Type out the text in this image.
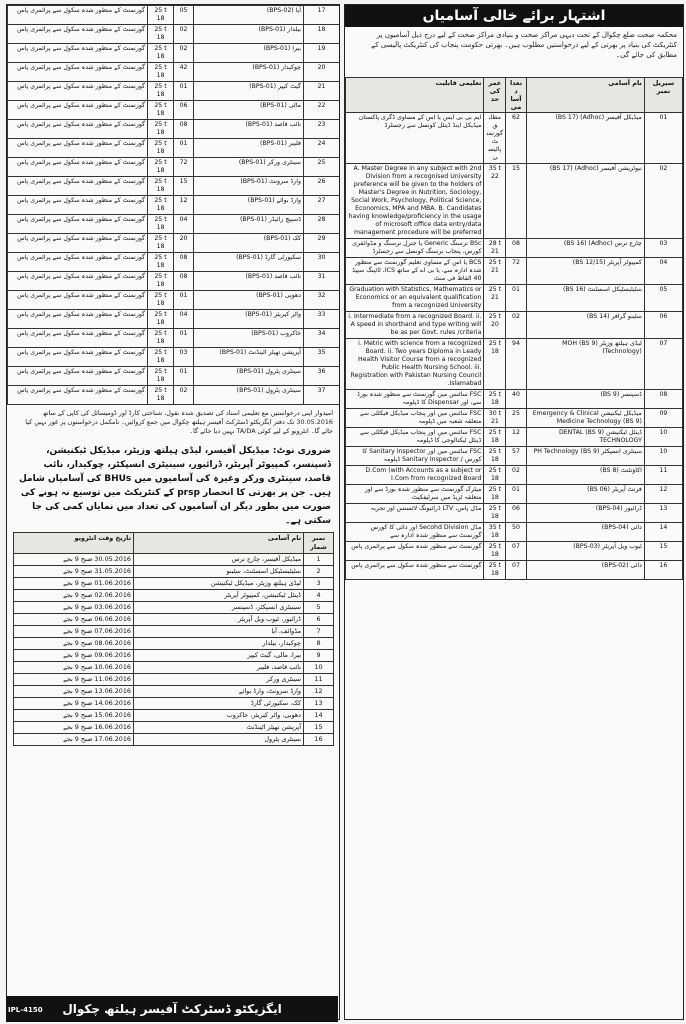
اشتہار برائے خالی آسامیاں
محکمہ صحت ضلع چکوال کے تحت دیہی مراکز صحت و بنیادی مراکز صحت کے لیے درج ذیل آسامیوں پر کنٹریکٹ کی بنیاد پر بھرتی کے لیے درخواستیں مطلوب ہیں۔ بھرتی حکومت پنجاب کی کنٹریکٹ پالیسی کے مطابق کی جائے گی۔
تعلیمی قابلیت	عمر کی حد	تعداد آسامی	نام آسامی	سیریل نمبر
ایم بی بی ایس یا اس کے مساوی ڈگری پاکستان میڈیکل اینڈ ڈینٹل کونسل سے رجسٹرڈ	مطابق گورنمنٹ پالیسی	62	میڈیکل آفیسر (Adhoc) (BS 17)	01
A. Master Degree in any subject with 2nd Division from a recognised University preference will be given to the holders of Master's Degree in Nutrition, Sociology, Social Work, Psychology, Political Science, Economics, MPA and MBA. B. Candidates having knowledge/proficiency in the usage of microsoft office data entry/data management procedure will be preferred	35 t 22	15	نیوٹریشن آفیسر (Adhoc) (BS 17)	02
BSc نرسنگ Generic یا جنرل نرسنگ و مڈوائفری کورس، پنجاب نرسنگ کونسل سے رجسٹرڈ	28 t 21	08	چارج نرس (Adhoc) (BS 16)	03
BCS یا اس کے مساوی تعلیم گورنمنٹ سے منظور شدہ ادارہ سے، یا بی اے کے ساتھ ICS، ٹائپنگ سپیڈ 40 الفاظ فی منٹ	25 t 21	72	کمپیوٹر آپریٹر (BS 12/15)	04
Graduation with Statistics, Mathematics or Economics or an equivalent qualification from a recognized University	25 t 21	01	سٹیٹیسٹیکل اسسٹنٹ (BS 16)	05
i. Intermediate from a recognized Board. ii. A speed in shorthand and type writing will be as per Govt. rules /criteria	25 t 20	02	سٹینو گرافر (BS 14)	06
i. Metric with science from a recognized Board. ii. Two years Diploma in Leady Health Visitor Course from a recognized Public Health Nursing School. iii. Registration with Pakistan Nursing Council Islamabad.	25 t 18	94	لیڈی ہیلتھ وزیٹر (BS 9) MOH (Technology)	07
FSC سائنس میں گورنمنٹ سے منظور شدہ بورڈ سے، اور Dispensar کا ڈپلومہ	25 t 18	40	ڈسپنسر (BS 9)	08
FSC سائنس میں اور پنجاب میڈیکل فیکلٹی سے متعلقہ شعبہ میں ڈپلومہ	30 t 21	25	میڈیکل ٹیکنیشن Emergency & Clinical Medicine Technology (BS 9)	09
FSC سائنس میں اور پنجاب میڈیکل فیکلٹی سے ڈینٹل ٹیکنالوجی کا ڈپلومہ	25 t 18	12	ڈینٹل ٹیکنیشن (BS 9) DENTAL TECHNOLOGY	10
FSC سائنس میں اور Sanitary Inspector کا کورس / Sanitary Inspector ڈپلومہ	25 t 18	57	سینٹری انسپکٹر (BS 9) PH Technology	10
D.Com (with Accounts as a subject or I.Com from recognized Board	25 t 18	02	اکاؤنٹنٹ (BS 8)	11
میٹرک گورنمنٹ سے منظور شدہ بورڈ سے اور متعلقہ ٹریڈ میں سرٹیفکیٹ	25 t 18	01	فرنٹ آپریٹر (BS 06)	12
مڈل پاس، LTV ڈرائیونگ لائسنس اور تجربہ	25 t 18	06	ڈرائیور (BPS-04)	13
مڈل Secohd Division اور دائی کا کورس گورنمنٹ سے منظور شدہ ادارہ سے	35 t 18	50	دائی (BPS-04)	14
گورنمنٹ سے منظور شدہ سکول سے پرائمری پاس	25 t 18	07	ٹیوب ویل آپریٹر (BPS-03)	15
گورنمنٹ سے منظور شدہ سکول سے پرائمری پاس	25 t 18	07	دائی (BPS-02)	16
گورنمنٹ کے منظور شدہ سکول سے پرائمری پاس	25 t 18	05	آیا (BPS-02)	17
گورنمنٹ کے منظور شدہ سکول سے پرائمری پاس	25 t 18	02	بیلدار (BPS-01)	18
گورنمنٹ کے منظور شدہ سکول سے پرائمری پاس	25 t 18	02	بیرا (BPS-01)	19
گورنمنٹ کے منظور شدہ سکول سے پرائمری پاس	25 t 18	42	چوکیدار (BPS-01)	20
گورنمنٹ کے منظور شدہ سکول سے پرائمری پاس	25 t 18	01	گیٹ کیپر (BPS-01)	21
گورنمنٹ کے منظور شدہ سکول سے پرائمری پاس	25 t 18	06	مالی (BPS-01)	22
گورنمنٹ کے منظور شدہ سکول سے پرائمری پاس	25 t 18	08	نائب قاصد (BPS-01)	23
گورنمنٹ کے منظور شدہ سکول سے پرائمری پاس	25 t 18	01	فلیبر (BPS-01)	24
گورنمنٹ کے منظور شدہ سکول سے پرائمری پاس	25 t 18	72	سینٹری ورکر (BPS-01)	25
گورنمنٹ کے منظور شدہ سکول سے پرائمری پاس	25 t 18	15	وارڈ سرونٹ (BPS-01)	26
گورنمنٹ کے منظور شدہ سکول سے پرائمری پاس	25 t 18	12	وارڈ بوائے (BPS-01)	27
گورنمنٹ کے منظور شدہ سکول سے پرائمری پاس	25 t 18	04	ڈسپیچ رائیڈر (BPS-01)	28
گورنمنٹ کے منظور شدہ سکول سے پرائمری پاس	25 t 18	20	کک (BPS-01)	29
گورنمنٹ کے منظور شدہ سکول سے پرائمری پاس	25 t 18	08	سکیورٹی گارڈ (BPS-01)	30
گورنمنٹ کے منظور شدہ سکول سے پرائمری پاس	25 t 18	08	نائب قاصد (BPS-01)	31
گورنمنٹ کے منظور شدہ سکول سے پرائمری پاس	25 t 18	01	دھوبی (BPS-01)	32
گورنمنٹ کے منظور شدہ سکول سے پرائمری پاس	25 t 18	04	واٹر کیریئر (BPS-01)	33
گورنمنٹ کے منظور شدہ سکول سے پرائمری پاس	25 t 18	01	خاکروب (BPS-01)	34
گورنمنٹ کے منظور شدہ سکول سے پرائمری پاس	25 t 18	03	آپریشن تھیٹر اٹینڈنٹ (BPS-01)	35
گورنمنٹ کے منظور شدہ سکول سے پرائمری پاس	25 t 18	01	سینٹری پٹرول (BPS-01)	36
گورنمنٹ کے منظور شدہ سکول سے پرائمری پاس	25 t 18	02	سینٹری پٹرول (BPS-01)	37
امیدوار اپنی درخواستیں مع تعلیمی اسناد کی تصدیق شدہ نقول، شناختی کارڈ اور ڈومیسائل کی کاپی کے ساتھ 30.05.2016 تک دفتر ایگزیکٹو ڈسٹرکٹ آفیسر ہیلتھ چکوال میں جمع کروائیں۔ نامکمل درخواستوں پر غور نہیں کیا جائے گا۔ انٹرویو کے لیے کوئی TA/DA نہیں دیا جائے گا۔
ضروری نوٹ: میڈیکل آفیسر، لیڈی ہیلتھ وزیٹر، میڈیکل ٹیکنیشن، ڈسپنسر، کمپیوٹر آپریٹر، ڈرائیور، سینیٹری انسپکٹر، چوکیدار، نائب قاصد، سینٹری ورکر وغیرہ کی آسامیوں میں BHUs کی آسامیاں شامل ہیں۔ جن پر بھرتی کا انحصار prsp کے کنٹریکٹ میں توسیع نہ ہونے کی صورت میں بطور دیگر ان آسامیوں کی تعداد میں نمایاں کمی کی جا سکتی ہے۔
تاریخ وقت انٹرویو	نام آسامی	نمبر شمار
30.05.2016 صبح 9 بجے	میڈیکل آفیسر، چارج نرس	1
31.05.2016 صبح 9 بجے	سٹیٹیسٹیکل اسسٹنٹ، سٹینو	2
01.06.2016 صبح 9 بجے	لیڈی ہیلتھ وزیٹر، میڈیکل ٹیکنیشن	3
02.06.2016 صبح 9 بجے	ڈینٹل ٹیکنیشن، کمپیوٹر آپریٹر	4
03.06.2016 صبح 9 بجے	سینیٹری انسپکٹر، ڈسپنسر	5
06.06.2016 صبح 9 بجے	ڈرائیور، ٹیوب ویل آپریٹر	6
07.06.2016 صبح 9 بجے	مڈوائف، آیا	7
08.06.2016 صبح 9 بجے	چوکیدار، بیلدار	8
09.06.2016 صبح 9 بجے	بیرا، مالی، گیٹ کیپر	9
10.06.2016 صبح 9 بجے	نائب قاصد، فلیبر	10
11.06.2016 صبح 9 بجے	سینٹری ورکر	11
13.06.2016 صبح 9 بجے	وارڈ سرونٹ، وارڈ بوائے	12
14.06.2016 صبح 9 بجے	کک، سکیورٹی گارڈ	13
15.06.2016 صبح 9 بجے	دھوبی، واٹر کیریئر، خاکروب	14
16.06.2016 صبح 9 بجے	آپریشن تھیٹر اٹینڈنٹ	15
17.06.2016 صبح 9 بجے	سینٹری پٹرول	16
ایگزیکٹو ڈسٹرکٹ آفیسر ہیلتھ چکوال
IPL-4150
